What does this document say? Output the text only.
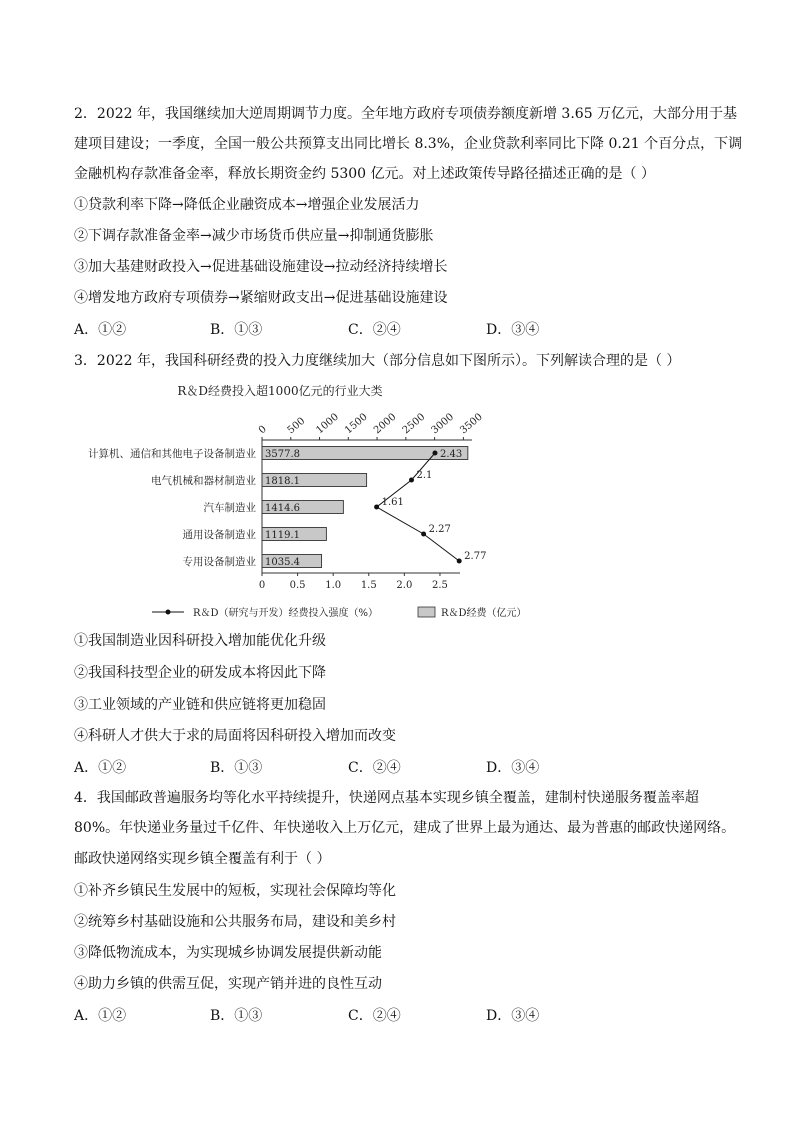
2．2022 年，我国继续加大逆周期调节力度。全年地方政府专项债券额度新增 3.65 万亿元，大部分用于基
建项目建设；一季度，全国一般公共预算支出同比增长 8.3%，企业贷款利率同比下降 0.21 个百分点，下调
金融机构存款准备金率，释放长期资金约 5300 亿元。对上述政策传导路径描述正确的是（ ）
①贷款利率下降→降低企业融资成本→增强企业发展活力
②下调存款准备金率→减少市场货币供应量→抑制通货膨胀
③加大基建财政投入→促进基础设施建设→拉动经济持续增长
④增发地方政府专项债券→紧缩财政支出→促进基础设施建设
A．①②	B．①③	C．②④	D．③④
3．2022 年，我国科研经费的投入力度继续加大（部分信息如下图所示）。下列解读合理的是（ ）
R＆D经费投入超1000亿元的行业大类
3577.8
1818.1
1414.6
1119.1
1035.4
2.43
2.1
1.61
2.27
2.77
0 500 1000 1500 2000 2500 3000 3500
0 0.5 1.0 1.5 2.0 2.5
计算机、通信和其他电子设备制造业
电气机械和器材制造业
汽车制造业
通用设备制造业
专用设备制造业
R＆D（研究与开发）经费投入强度（%）	R＆D经费（亿元）
①我国制造业因科研投入增加能优化升级
②我国科技型企业的研发成本将因此下降
③工业领域的产业链和供应链将更加稳固
④科研人才供大于求的局面将因科研投入增加而改变
A．①②	B．①③	C．②④	D．③④
4．我国邮政普遍服务均等化水平持续提升，快递网点基本实现乡镇全覆盖，建制村快递服务覆盖率超
80%。年快递业务量过千亿件、年快递收入上万亿元，建成了世界上最为通达、最为普惠的邮政快递网络。
邮政快递网络实现乡镇全覆盖有利于（ ）
①补齐乡镇民生发展中的短板，实现社会保障均等化
②统筹乡村基础设施和公共服务布局，建设和美乡村
③降低物流成本，为实现城乡协调发展提供新动能
④助力乡镇的供需互促，实现产销并进的良性互动
A．①②	B．①③	C．②④	D．③④
